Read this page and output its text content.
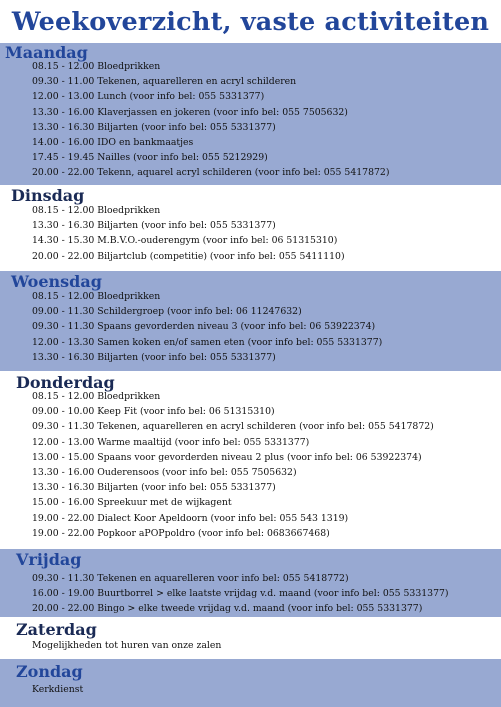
Weekoverzicht, vaste activiteiten
Maandag
08.15 - 12.00 Bloedprikken
09.30 - 11.00 Tekenen, aquarelleren en acryl schilderen
12.00 - 13.00 Lunch (voor info bel: 055 5331377)
13.30 - 16.00 Klaverjassen en jokeren (voor info bel: 055 7505632)
13.30 - 16.30 Biljarten (voor info bel: 055 5331377)
14.00 - 16.00 IDO en bankmaatjes
17.45 - 19.45 Nailles (voor info bel: 055 5212929)
20.00 - 22.00 Tekenn, aquarel acryl schilderen (voor info bel: 055 5417872)
Dinsdag
08.15 - 12.00 Bloedprikken
13.30 - 16.30 Biljarten (voor info bel: 055 5331377)
14.30 - 15.30 M.B.V.O.-ouderengym (voor info bel: 06 51315310)
20.00 - 22.00 Biljartclub (competitie) (voor info bel: 055 5411110)
Woensdag
08.15 - 12.00 Bloedprikken
09.00 - 11.30 Schildergroep (voor info bel: 06 11247632)
09.30 - 11.30 Spaans gevorderden niveau 3 (voor info bel: 06 53922374)
12.00 - 13.30 Samen koken en/of samen eten (voor info bel: 055 5331377)
13.30 - 16.30 Biljarten (voor info bel: 055 5331377)
Donderdag
08.15 - 12.00 Bloedprikken
09.00 - 10.00 Keep Fit (voor info bel: 06 51315310)
09.30 - 11.30 Tekenen, aquarelleren en acryl schilderen (voor info bel: 055 5417872)
12.00 - 13.00 Warme maaltijd (voor info bel: 055 5331377)
13.00 - 15.00 Spaans voor gevorderden niveau 2 plus (voor info bel: 06 53922374)
13.30 - 16.00 Ouderensoos (voor info bel: 055 7505632)
13.30 - 16.30 Biljarten (voor info bel: 055 5331377)
15.00 - 16.00 Spreekuur met de wijkagent
19.00 - 22.00 Dialect Koor Apeldoorn (voor info bel: 055 543 1319)
19.00 - 22.00 Popkoor aPOPpoldro (voor info bel: 0683667468)
Vrijdag
09.30 - 11.30 Tekenen en aquarelleren voor info bel: 055 5418772)
16.00 - 19.00 Buurtborrel > elke laatste vrijdag v.d. maand (voor info bel: 055 5331377)
20.00 - 22.00 Bingo > elke tweede vrijdag v.d. maand (voor info bel: 055 5331377)
Zaterdag
Mogelijkheden tot huren van onze zalen
Zondag
Kerkdienst
